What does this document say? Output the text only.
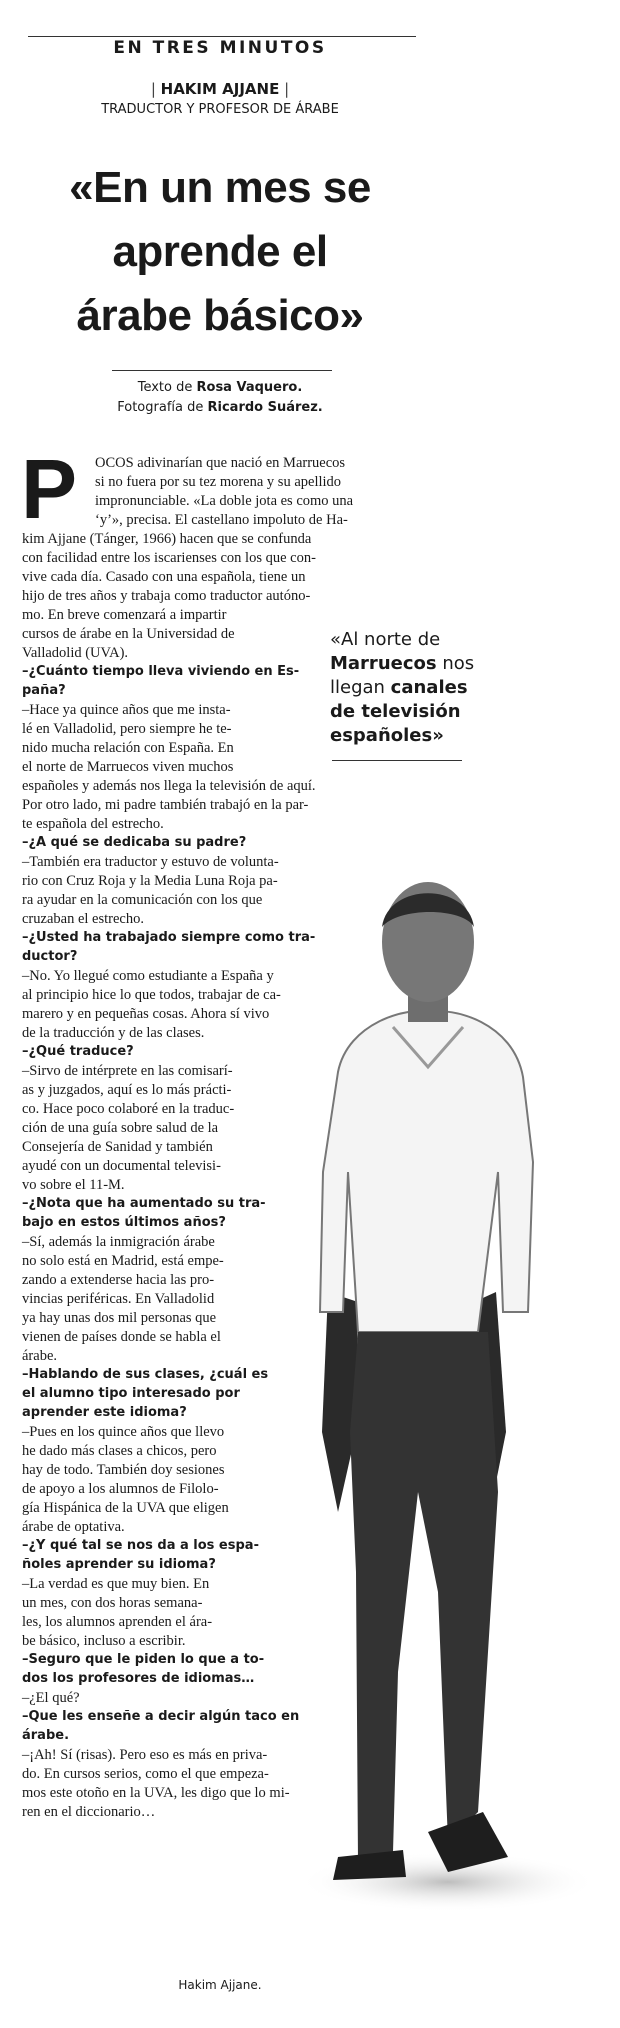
EN TRES MINUTOS
| HAKIM AJJANE |
TRADUCTOR Y PROFESOR DE ÁRABE
«En un mes se
aprende el
árabe básico»
Texto de Rosa Vaquero.
Fotografía de Ricardo Suárez.
P
«Al norte de Marruecos nos llegan canales de televisión españoles»
OCOS adivinarían que nació en Marruecos
si no fuera por su tez morena y su apellido
impronunciable. «La doble jota es como una
‘y’», precisa. El castellano impoluto de Ha-
kim Ajjane (Tánger, 1966) hacen que se confunda
con facilidad entre los iscarienses con los que con-
vive cada día. Casado con una española, tiene un
hijo de tres años y trabaja como traductor autóno-
mo. En breve comenzará a impartir
cursos de árabe en la Universidad de
Valladolid (UVA).
–¿Cuánto tiempo lleva viviendo en Es-
paña?
–Hace ya quince años que me insta-
lé en Valladolid, pero siempre he te-
nido mucha relación con España. En
el norte de Marruecos viven muchos
españoles y además nos llega la televisión de aquí.
Por otro lado, mi padre también trabajó en la par-
te española del estrecho.
–¿A qué se dedicaba su padre?
–También era traductor y estuvo de volunta-
rio con Cruz Roja y la Media Luna Roja pa-
ra ayudar en la comunicación con los que
cruzaban el estrecho.
–¿Usted ha trabajado siempre como tra-
ductor?
–No. Yo llegué como estudiante a España y
al principio hice lo que todos, trabajar de ca-
marero y en pequeñas cosas. Ahora sí vivo
de la traducción y de las clases.
–¿Qué traduce?
–Sirvo de intérprete en las comisarí-
as y juzgados, aquí es lo más prácti-
co. Hace poco colaboré en la traduc-
ción de una guía sobre salud de la
Consejería de Sanidad y también
ayudé con un documental televisi-
vo sobre el 11-M.
–¿Nota que ha aumentado su tra-
bajo en estos últimos años?
–Sí, además la inmigración árabe
no solo está en Madrid, está empe-
zando a extenderse hacia las pro-
vincias periféricas. En Valladolid
ya hay unas dos mil personas que
vienen de países donde se habla el
árabe.
–Hablando de sus clases, ¿cuál es
el alumno tipo interesado por
aprender este idioma?
–Pues en los quince años que llevo
he dado más clases a chicos, pero
hay de todo. También doy sesiones
de apoyo a los alumnos de Filolo-
gía Hispánica de la UVA que eligen
árabe de optativa.
–¿Y qué tal se nos da a los espa-
ñoles aprender su idioma?
–La verdad es que muy bien. En
un mes, con dos horas semana-
les, los alumnos aprenden el ára-
be básico, incluso a escribir.
–Seguro que le piden lo que a to-
dos los profesores de idiomas…
–¿El qué?
–Que les enseñe a decir algún taco en
árabe.
–¡Ah! Sí (risas). Pero eso es más en priva-
do. En cursos serios, como el que empeza-
mos este otoño en la UVA, les digo que lo mi-
ren en el diccionario…
Hakim Ajjane.
